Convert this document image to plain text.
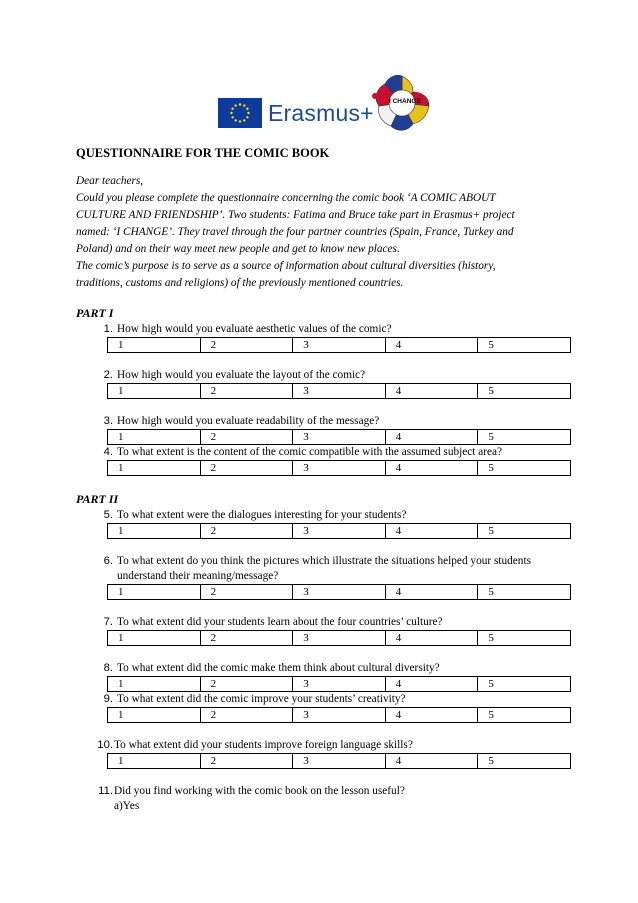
Erasmus+ I CHANGE
QUESTIONNAIRE FOR THE COMIC BOOK
Dear teachers,
Could you please complete the questionnaire concerning the comic book ‘A COMIC ABOUT
CULTURE AND FRIENDSHIP’. Two students: Fatima and Bruce take part in Erasmus+ project
named: ‘I CHANGE’. They travel through the four partner countries (Spain, France, Turkey and
Poland) and on their way meet new people and get to know new places.
The comic’s purpose is to serve as a source of information about cultural diversities (history,
traditions, customs and religions) of the previously mentioned countries.
PART I
1. How high would you evaluate aesthetic values of the comic?
1	2	3	4	5
2. How high would you evaluate the layout of the comic?
1	2	3	4	5
3. How high would you evaluate readability of the message?
1	2	3	4	5
4. To what extent is the content of the comic compatible with the assumed subject area?
1	2	3	4	5
PART II
5. To what extent were the dialogues interesting for your students?
1	2	3	4	5
6. To what extent do you think the pictures which illustrate the situations helped your students
understand their meaning/message?
1	2	3	4	5
7. To what extent did your students learn about the four countries’ culture?
1	2	3	4	5
8. To what extent did the comic make them think about cultural diversity?
1	2	3	4	5
9. To what extent did the comic improve your students’ creativity?
1	2	3	4	5
10. To what extent did your students improve foreign language skills?
1	2	3	4	5
11. Did you find working with the comic book on the lesson useful?
a)Yes
